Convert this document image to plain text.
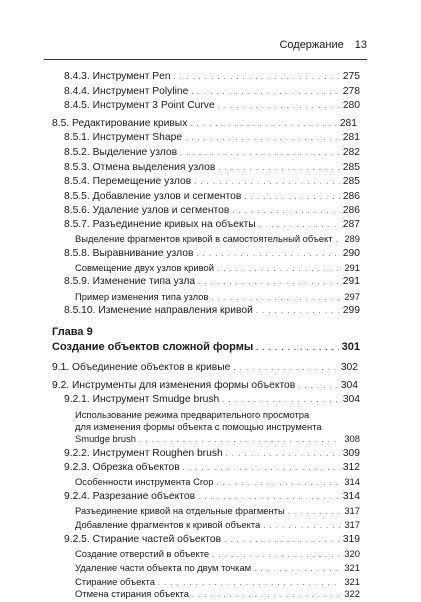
Содержание 13
8.4.3. Инструмент Pen . . .	275
8.4.4. Инструмент Polyline . . .	278
8.4.5. Инструмент 3 Point Curve . . .	280
8.5. Редактирование кривых . . .	281
8.5.1. Инструмент Shape . . .	281
8.5.2. Выделение узлов . . .	282
8.5.3. Отмена выделения узлов . . .	285
8.5.4. Перемещение узлов . . .	285
8.5.5. Добавление узлов и сегментов . . .	286
8.5.6. Удаление узлов и сегментов . . .	286
8.5.7. Разъединение кривых на объекты . . .	287
Выделение фрагментов кривой в самостоятельный объект . . . 289
8.5.8. Выравнивание узлов . . .	290
Совмещение двух узлов кривой . . .	291
8.5.9. Изменение типа узла . . .	291
Пример изменения типа узлов . . .	297
8.5.10. Изменение направления кривой . . .	299
Глава 9
Создание объектов сложной формы . . .	301
9.1. Объединение объектов в кривые . . .	302
9.2. Инструменты для изменения формы объектов . . .	304
9.2.1. Инструмент Smudge brush . . .	304
Использование режима предварительного просмотра
для изменения формы объекта с помощью инструмента
Smudge brush . . .	308
9.2.2. Инструмент Roughen brush . . .	309
9.2.3. Обрезка объектов . . .	312
Особенности инструмента Crop . . .	314
9.2.4. Разрезание объектов . . .	314
Разъединение кривой на отдельные фрагменты . . .	317
Добавление фрагментов к кривой объекта . . .	317
9.2.5. Стирание частей объектов . . .	319
Создание отверстий в объекте . . .	320
Удаление части объекта по двум точкам . . .	321
Стирание объекта . . .	321
Отмена стирания объекта . . .	322
